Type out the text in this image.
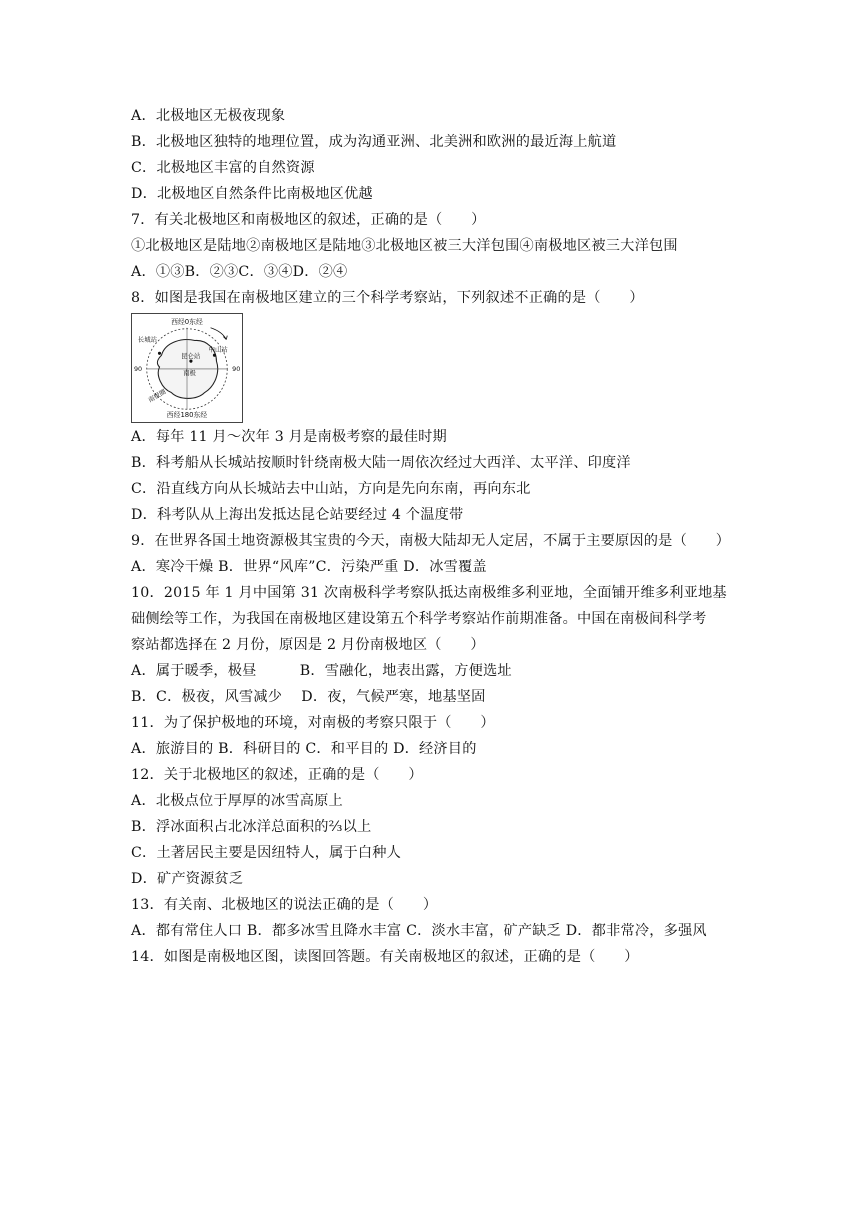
A．北极地区无极夜现象
B．北极地区独特的地理位置，成为沟通亚洲、北美洲和欧洲的最近海上航道
C．北极地区丰富的自然资源
D．北极地区自然条件比南极地区优越
7．有关北极地区和南极地区的叙述，正确的是（　　）
①北极地区是陆地②南极地区是陆地③北极地区被三大洋包围④南极地区被三大洋包围
A．①③B．②③C．③④D．②④
8．如图是我国在南极地区建立的三个科学考察站，下列叙述不正确的是（　　）
西经0东经
西经180东经
90	90
长城站
中山站
昆仑站
南极
南极圈
A．每年 11 月～次年 3 月是南极考察的最佳时期
B．科考船从长城站按顺时针绕南极大陆一周依次经过大西洋、太平洋、印度洋
C．沿直线方向从长城站去中山站，方向是先向东南，再向东北
D．科考队从上海出发抵达昆仑站要经过 4 个温度带
9．在世界各国土地资源极其宝贵的今天，南极大陆却无人定居，不属于主要原因的是（　　）
A．寒冷干燥 B．世界“风库”C．污染严重 D．冰雪覆盖
10．2015 年 1 月中国第 31 次南极科学考察队抵达南极维多利亚地，全面铺开维多利亚地基
础侧绘等工作，为我国在南极地区建设第五个科学考察站作前期准备。中国在南极间科学考
察站都选择在 2 月份，原因是 2 月份南极地区（　　）
A．属于暖季，极昼　　　B．雪融化，地表出露，方便选址
B．C．极夜，风雪减少　 D．夜，气候严寒，地基坚固
11．为了保护极地的环境，对南极的考察只限于（　　）
A．旅游目的 B．科研目的 C．和平目的 D．经济目的
12．关于北极地区的叙述，正确的是（　　）
A．北极点位于厚厚的冰雪高原上
B．浮冰面积占北冰洋总面积的⅔以上
C．土著居民主要是因纽特人，属于白种人
D．矿产资源贫乏
13．有关南、北极地区的说法正确的是（　　）
A．都有常住人口 B．都多冰雪且降水丰富 C．淡水丰富，矿产缺乏 D．都非常冷，多强风
14．如图是南极地区图，读图回答题。有关南极地区的叙述，正确的是（　　）
